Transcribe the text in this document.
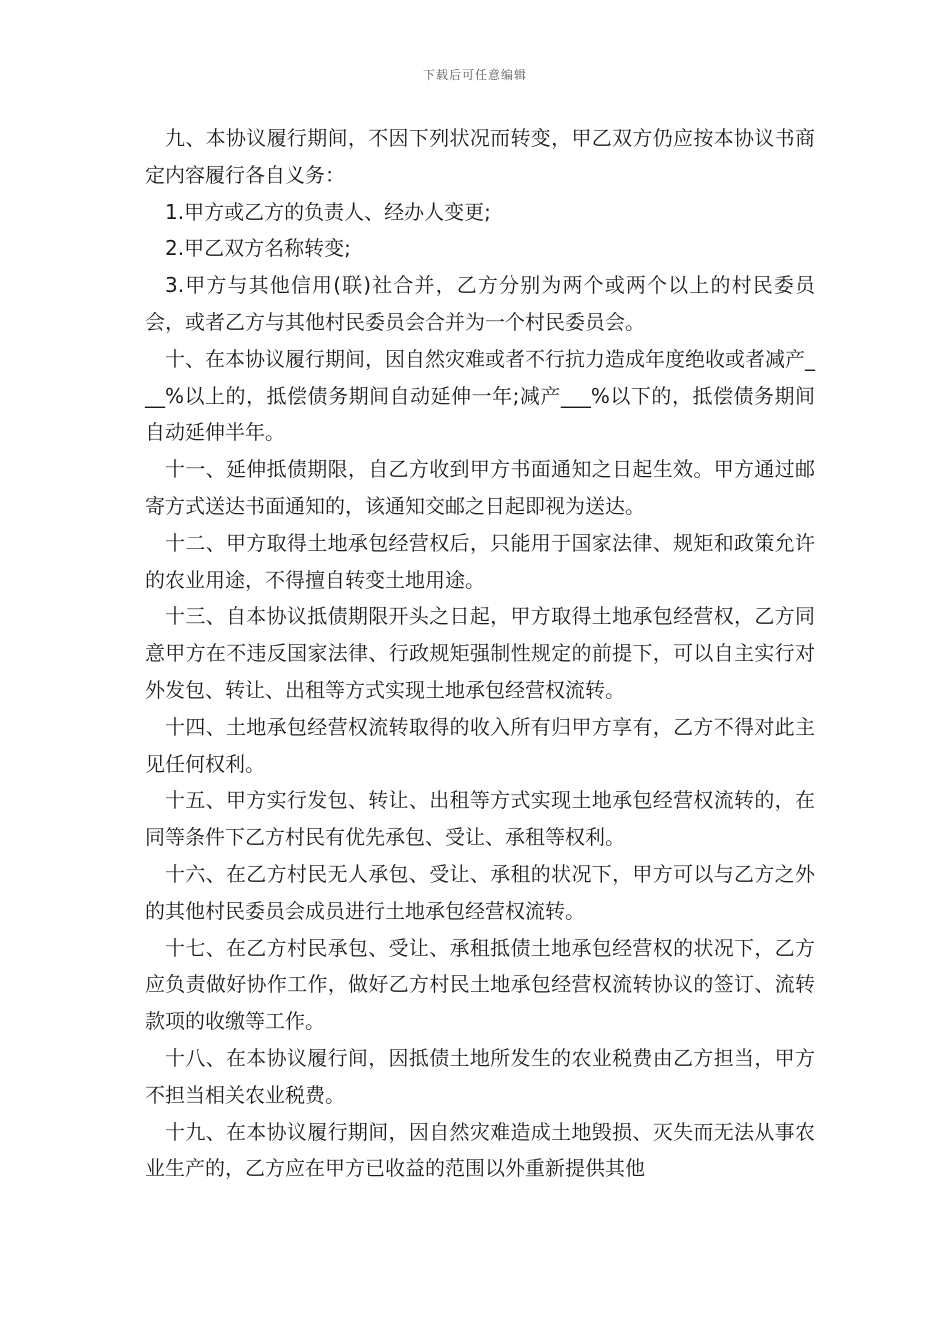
下载后可任意编辑

九、本协议履行期间，不因下列状况而转变，甲乙双方仍应按本协议书商定内容履行各自义务：

1.甲方或乙方的负责人、经办人变更;

2.甲乙双方名称转变;

3.甲方与其他信用(联)社合并，乙方分别为两个或两个以上的村民委员会，或者乙方与其他村民委员会合并为一个村民委员会。

十、在本协议履行期间，因自然灾难或者不行抗力造成年度绝收或者减产___%以上的，抵偿债务期间自动延伸一年;减产___%以下的，抵偿债务期间自动延伸半年。

十一、延伸抵债期限，自乙方收到甲方书面通知之日起生效。甲方通过邮寄方式送达书面通知的，该通知交邮之日起即视为送达。

十二、甲方取得土地承包经营权后，只能用于国家法律、规矩和政策允许的农业用途，不得擅自转变土地用途。

十三、自本协议抵债期限开头之日起，甲方取得土地承包经营权，乙方同意甲方在不违反国家法律、行政规矩强制性规定的前提下，可以自主实行对外发包、转让、出租等方式实现土地承包经营权流转。

十四、土地承包经营权流转取得的收入所有归甲方享有，乙方不得对此主见任何权利。

十五、甲方实行发包、转让、出租等方式实现土地承包经营权流转的，在同等条件下乙方村民有优先承包、受让、承租等权利。

十六、在乙方村民无人承包、受让、承租的状况下，甲方可以与乙方之外的其他村民委员会成员进行土地承包经营权流转。

十七、在乙方村民承包、受让、承租抵债土地承包经营权的状况下，乙方应负责做好协作工作，做好乙方村民土地承包经营权流转协议的签订、流转款项的收缴等工作。

十八、在本协议履行间，因抵债土地所发生的农业税费由乙方担当，甲方不担当相关农业税费。

十九、在本协议履行期间，因自然灾难造成土地毁损、灭失而无法从事农业生产的，乙方应在甲方已收益的范围以外重新提供其他
